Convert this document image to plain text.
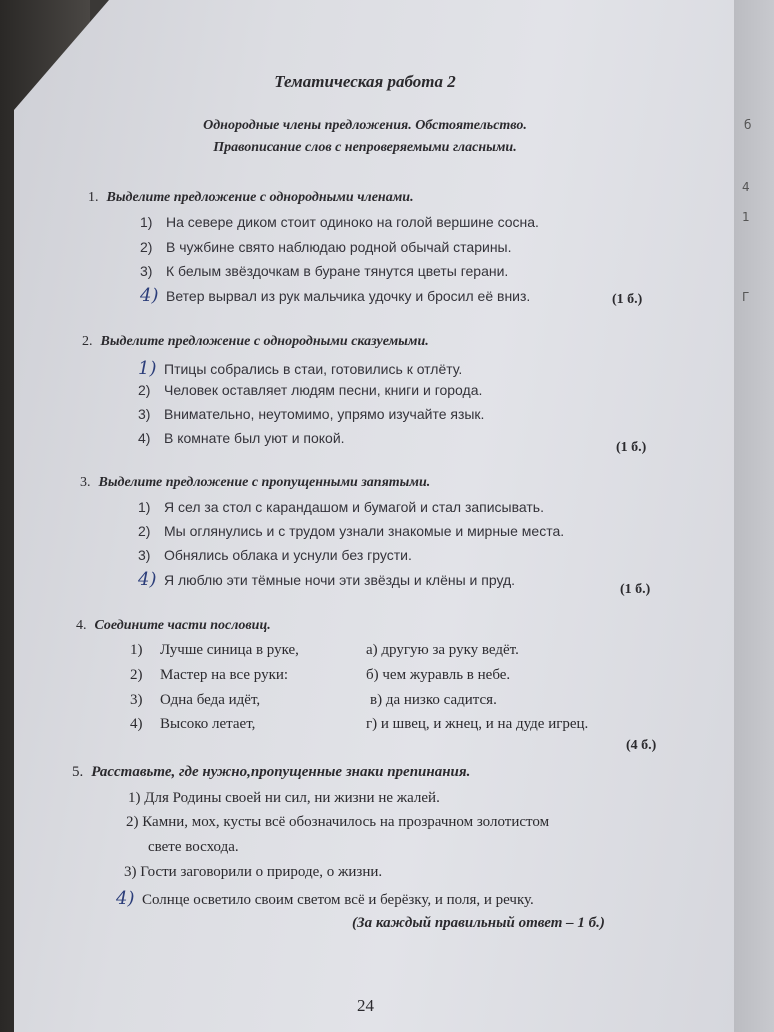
б
4
1
Г
Тематическая работа 2
Однородные члены предложения. Обстоятельство.
Правописание слов с непроверяемыми гласными.
1. Выделите предложение с однородными членами.
1) На севере диком стоит одиноко на голой вершине сосна.
2) В чужбине свято наблюдаю родной обычай старины.
3) К белым звёздочкам в буране тянутся цветы герани.
4) Ветер вырвал из рук мальчика удочку и бросил её вниз.	(1 б.)
2. Выделите предложение с однородными сказуемыми.
1) Птицы собрались в стаи, готовились к отлёту.
2) Человек оставляет людям песни, книги и города.
3) Внимательно, неутомимо, упрямо изучайте язык.
4) В комнате был уют и покой.
(1 б.)
3. Выделите предложение с пропущенными запятыми.
1) Я сел за стол с карандашом и бумагой и стал записывать.
2) Мы оглянулись и с трудом узнали знакомые и мирные места.
3) Обнялись облака и уснули без грусти.
4) Я люблю эти тёмные ночи эти звёзды и клёны и пруд.
(1 б.)
4. Соедините части пословиц.
1) Лучше синица в руке,
2) Мастер на все руки:
3) Одна беда идёт,
4) Высоко летает,
а) другую за руку ведёт.
б) чем журавль в небе.
в) да низко садится.
г) и швец, и жнец, и на дуде игрец.
(4 б.)
5. Расставьте, где нужно,пропущенные знаки препинания.
1) Для Родины своей ни сил, ни жизни не жалей.
2) Камни, мох, кусты всё обозначилось на прозрачном золотистом
свете восхода.
3) Гости заговорили о природе, о жизни.
4) Солнце осветило своим светом всё и берёзку, и поля, и речку.
(За каждый правильный ответ – 1 б.)
24
